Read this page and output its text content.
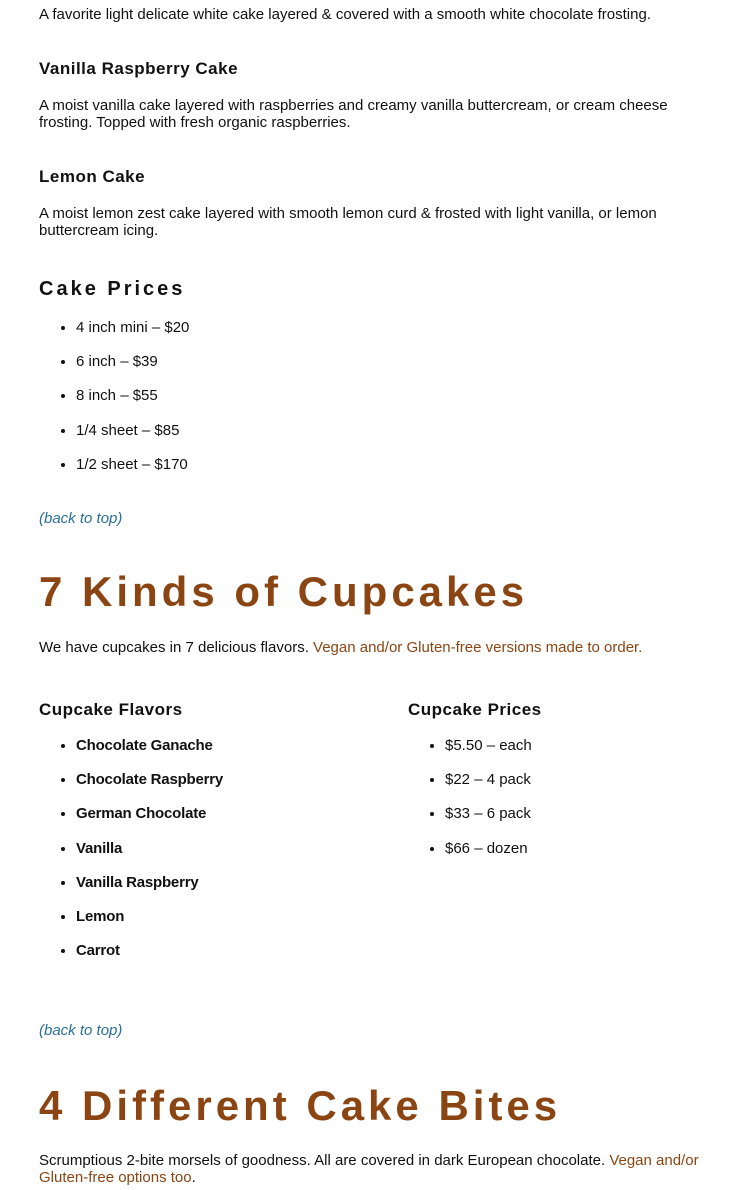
A favorite light delicate white cake layered & covered with a smooth white chocolate frosting.

Vanilla Raspberry Cake

A moist vanilla cake layered with raspberries and creamy vanilla buttercream, or cream cheese frosting. Topped with fresh organic raspberries.

Lemon Cake

A moist lemon zest cake layered with smooth lemon curd & frosted with light vanilla, or lemon buttercream icing.

Cake Prices
• 4 inch mini – $20
• 6 inch – $39
• 8 inch – $55
• 1/4 sheet – $85
• 1/2 sheet – $170
(back to top)
7 Kinds of Cupcakes

We have cupcakes in 7 delicious flavors. Vegan and/or Gluten-free versions made to order.

Cupcake Flavors
• Chocolate Ganache
• Chocolate Raspberry
• German Chocolate
• Vanilla
• Vanilla Raspberry
• Lemon
• Carrot
Cupcake Prices
• $5.50 – each
• $22 – 4 pack
• $33 – 6 pack
• $66 – dozen
(back to top)
4 Different Cake Bites

Scrumptious 2-bite morsels of goodness. All are covered in dark European chocolate. Vegan and/or Gluten-free options too.
